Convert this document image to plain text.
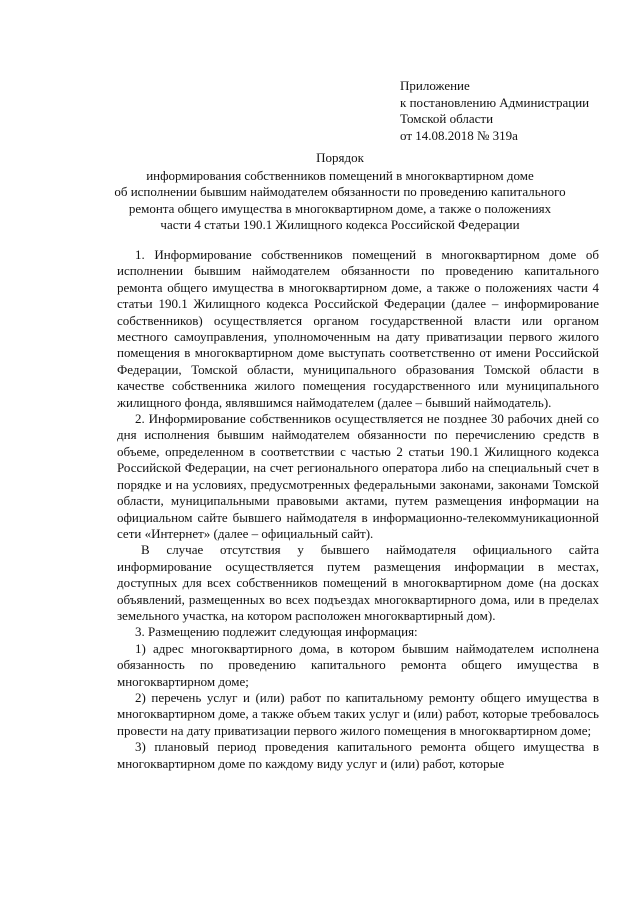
Приложение
к постановлению Администрации
Томской области
от 14.08.2018 № 319а
Порядок
информирования собственников помещений в многоквартирном доме
об исполнении бывшим наймодателем обязанности по проведению капитального
ремонта общего имущества в многоквартирном доме, а также о положениях
части 4 статьи 190.1 Жилищного кодекса Российской Федерации

1. Информирование собственников помещений в многоквартирном доме об исполнении бывшим наймодателем обязанности по проведению капитального ремонта общего имущества в многоквартирном доме, а также о положениях части 4 статьи 190.1 Жилищного кодекса Российской Федерации (далее – информирование собственников) осуществляется органом государственной власти или органом местного самоуправления, уполномоченным на дату приватизации первого жилого помещения в многоквартирном доме выступать соответственно от имени Российской Федерации, Томской области, муниципального образования Томской области в качестве собственника жилого помещения государственного или муниципального жилищного фонда, являвшимся наймодателем (далее – бывший наймодатель).

2. Информирование собственников осуществляется не позднее 30 рабочих дней со дня исполнения бывшим наймодателем обязанности по перечислению средств в объеме, определенном в соответствии с частью 2 статьи 190.1 Жилищного кодекса Российской Федерации, на счет регионального оператора либо на специальный счет в порядке и на условиях, предусмотренных федеральными законами, законами Томской области, муниципальными правовыми актами, путем размещения информации на официальном сайте бывшего наймодателя в информационно-телекоммуникационной сети «Интернет» (далее – официальный сайт).

В случае отсутствия у бывшего наймодателя официального сайта информирование осуществляется путем размещения информации в местах, доступных для всех собственников помещений в многоквартирном доме (на досках объявлений, размещенных во всех подъездах многоквартирного дома, или в пределах земельного участка, на котором расположен многоквартирный дом).

3. Размещению подлежит следующая информация:

1) адрес многоквартирного дома, в котором бывшим наймодателем исполнена обязанность по проведению капитального ремонта общего имущества в многоквартирном доме;

2) перечень услуг и (или) работ по капитальному ремонту общего имущества в многоквартирном доме, а также объем таких услуг и (или) работ, которые требовалось провести на дату приватизации первого жилого помещения в многоквартирном доме;

3) плановый период проведения капитального ремонта общего имущества в многоквартирном доме по каждому виду услуг и (или) работ, которые
